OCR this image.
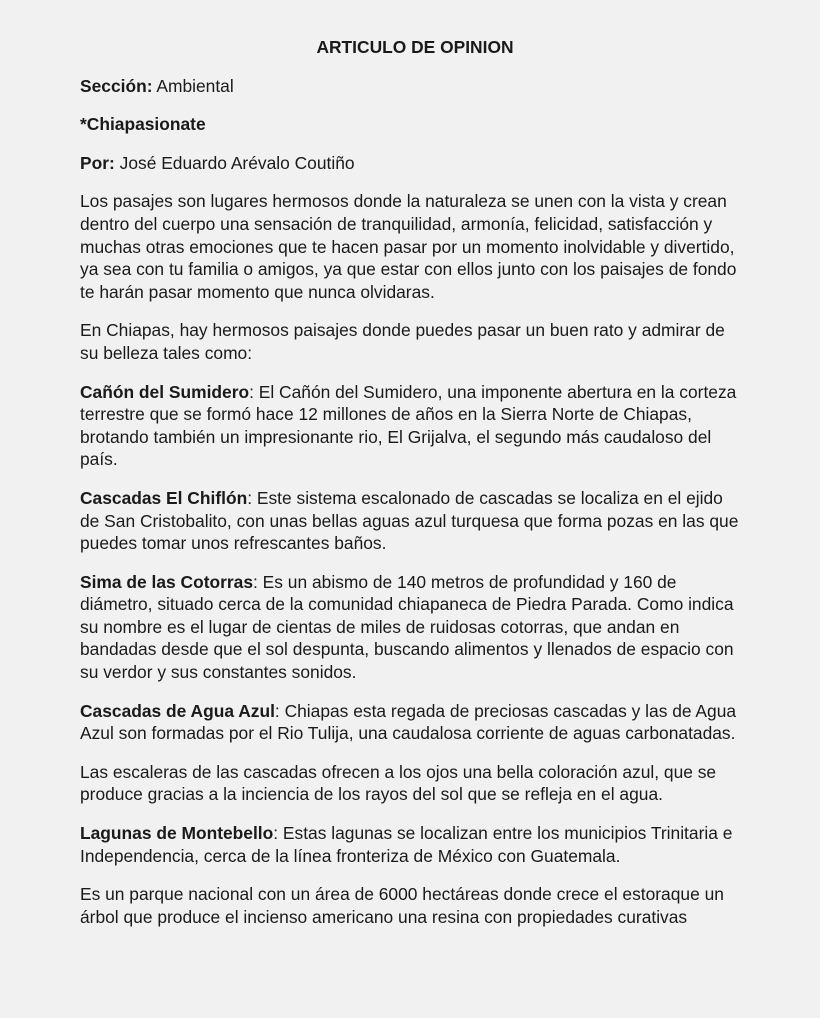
ARTICULO DE OPINION

Sección: Ambiental

*Chiapasionate

Por: José Eduardo Arévalo Coutiño

Los pasajes son lugares hermosos donde la naturaleza se unen con la vista y crean dentro del cuerpo una sensación de tranquilidad, armonía, felicidad, satisfacción y muchas otras emociones que te hacen pasar por un momento inolvidable y divertido, ya sea con tu familia o amigos, ya que estar con ellos junto con los paisajes de fondo te harán pasar momento que nunca olvidaras.

En Chiapas, hay hermosos paisajes donde puedes pasar un buen rato y admirar de su belleza tales como:

Cañón del Sumidero: El Cañón del Sumidero, una imponente abertura en la corteza terrestre que se formó hace 12 millones de años en la Sierra Norte de Chiapas, brotando también un impresionante rio, El Grijalva, el segundo más caudaloso del país.

Cascadas El Chiflón: Este sistema escalonado de cascadas se localiza en el ejido de San Cristobalito, con unas bellas aguas azul turquesa que forma pozas en las que puedes tomar unos refrescantes baños.

Sima de las Cotorras: Es un abismo de 140 metros de profundidad y 160 de diámetro, situado cerca de la comunidad chiapaneca de Piedra Parada. Como indica su nombre es el lugar de cientas de miles de ruidosas cotorras, que andan en bandadas desde que el sol despunta, buscando alimentos y llenados de espacio con su verdor y sus constantes sonidos.

Cascadas de Agua Azul: Chiapas esta regada de preciosas cascadas y las de Agua Azul son formadas por el Rio Tulija, una caudalosa corriente de aguas carbonatadas.

Las escaleras de las cascadas ofrecen a los ojos una bella coloración azul, que se produce gracias a la inciencia de los rayos del sol que se refleja en el agua.

Lagunas de Montebello: Estas lagunas se localizan entre los municipios Trinitaria e Independencia, cerca de la línea fronteriza de México con Guatemala.

Es un parque nacional con un área de 6000 hectáreas donde crece el estoraque un árbol que produce el incienso americano una resina con propiedades curativas
